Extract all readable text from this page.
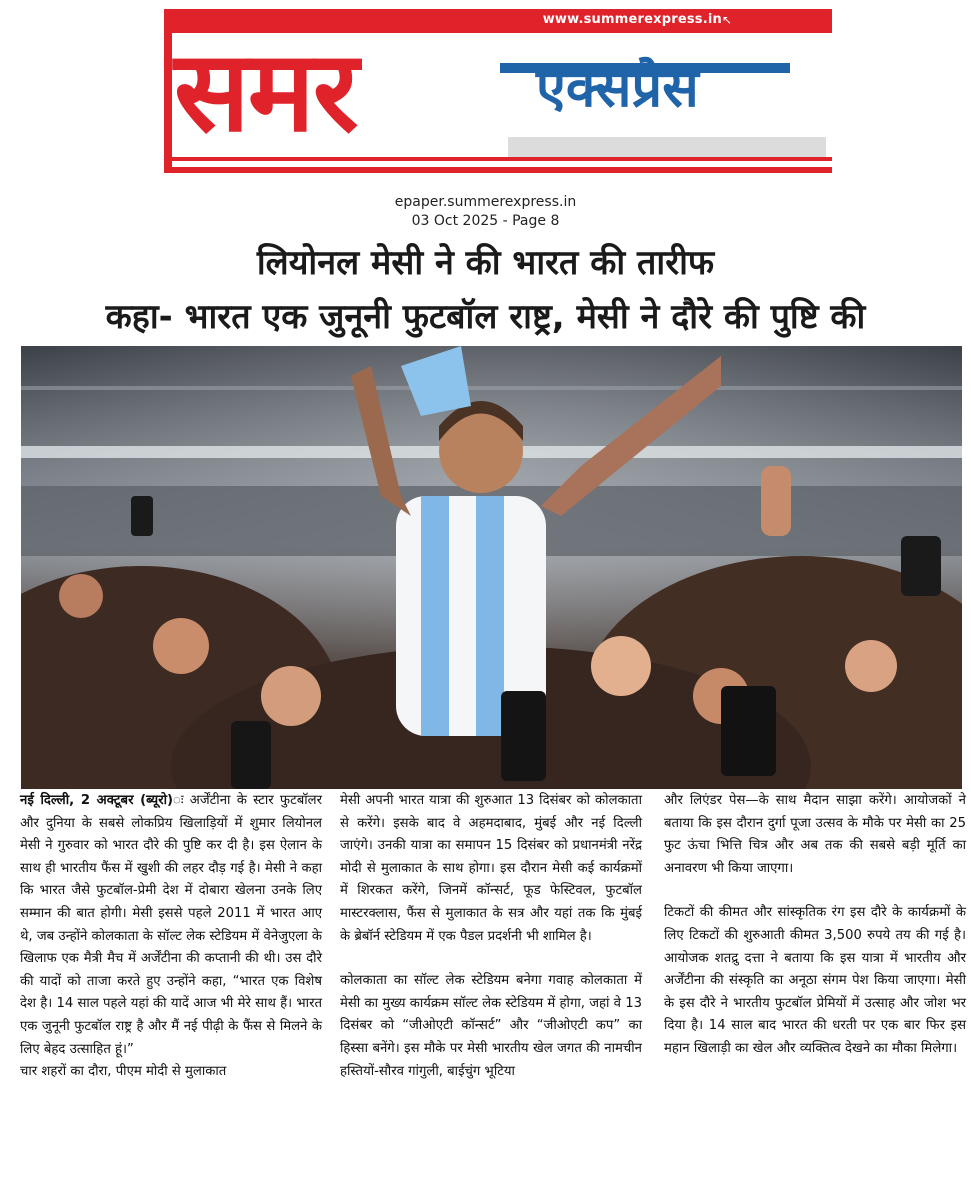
समर	एक्सप्रेस
www.summerexpress.in ↖
epaper.summerexpress.in
03 Oct 2025 - Page 8
लियोनल मेसी ने की भारत की तारीफ
कहा- भारत एक जुनूनी फुटबॉल राष्ट्र, मेसी ने दौरे की पुष्टि की

नई दिल्ली, 2 अक्टूबर (ब्यूरो)ः अर्जेंटीना के स्टार फुटबॉलर और दुनिया के सबसे लोकप्रिय खिलाड़ियों में शुमार लियोनल मेसी ने गुरुवार को भारत दौरे की पुष्टि कर दी है। इस ऐलान के साथ ही भारतीय फैंस में खुशी की लहर दौड़ गई है। मेसी ने कहा कि भारत जैसे फुटबॉल-प्रेमी देश में दोबारा खेलना उनके लिए सम्मान की बात होगी। मेसी इससे पहले 2011 में भारत आए थे, जब उन्होंने कोलकाता के सॉल्ट लेक स्टेडियम में वेनेजुएला के खिलाफ एक मैत्री मैच में अर्जेंटीना की कप्तानी की थी। उस दौरे की यादों को ताजा करते हुए उन्होंने कहा, “भारत एक विशेष देश है। 14 साल पहले यहां की यादें आज भी मेरे साथ हैं। भारत एक जुनूनी फुटबॉल राष्ट्र है और मैं नई पीढ़ी के फैंस से मिलने के लिए बेहद उत्साहित हूं।”

चार शहरों का दौरा, पीएम मोदी से मुलाकात

मेसी अपनी भारत यात्रा की शुरुआत 13 दिसंबर को कोलकाता से करेंगे। इसके बाद वे अहमदाबाद, मुंबई और नई दिल्ली जाएंगे। उनकी यात्रा का समापन 15 दिसंबर को प्रधानमंत्री नरेंद्र मोदी से मुलाकात के साथ होगा। इस दौरान मेसी कई कार्यक्रमों में शिरकत करेंगे, जिनमें कॉन्सर्ट, फूड फेस्टिवल, फुटबॉल मास्टरक्लास, फैंस से मुलाकात के सत्र और यहां तक कि मुंबई के ब्रेबॉर्न स्टेडियम में एक पैडल प्रदर्शनी भी शामिल है।

कोलकाता का सॉल्ट लेक स्टेडियम बनेगा गवाह कोलकाता में मेसी का मुख्य कार्यक्रम सॉल्ट लेक स्टेडियम में होगा, जहां वे 13 दिसंबर को “जीओएटी कॉन्सर्ट” और “जीओएटी कप” का हिस्सा बनेंगे। इस मौके पर मेसी भारतीय खेल जगत की नामचीन हस्तियों-सौरव गांगुली, बाईचुंग भूटिया

और लिएंडर पेस—के साथ मैदान साझा करेंगे। आयोजकों ने बताया कि इस दौरान दुर्गा पूजा उत्सव के मौके पर मेसी का 25 फुट ऊंचा भित्ति चित्र और अब तक की सबसे बड़ी मूर्ति का अनावरण भी किया जाएगा।

टिकटों की कीमत और सांस्कृतिक रंग इस दौरे के कार्यक्रमों के लिए टिकटों की शुरुआती कीमत 3,500 रुपये तय की गई है। आयोजक शतद्रु दत्ता ने बताया कि इस यात्रा में भारतीय और अर्जेंटीना की संस्कृति का अनूठा संगम पेश किया जाएगा। मेसी के इस दौरे ने भारतीय फुटबॉल प्रेमियों में उत्साह और जोश भर दिया है। 14 साल बाद भारत की धरती पर एक बार फिर इस महान खिलाड़ी का खेल और व्यक्तित्व देखने का मौका मिलेगा।
